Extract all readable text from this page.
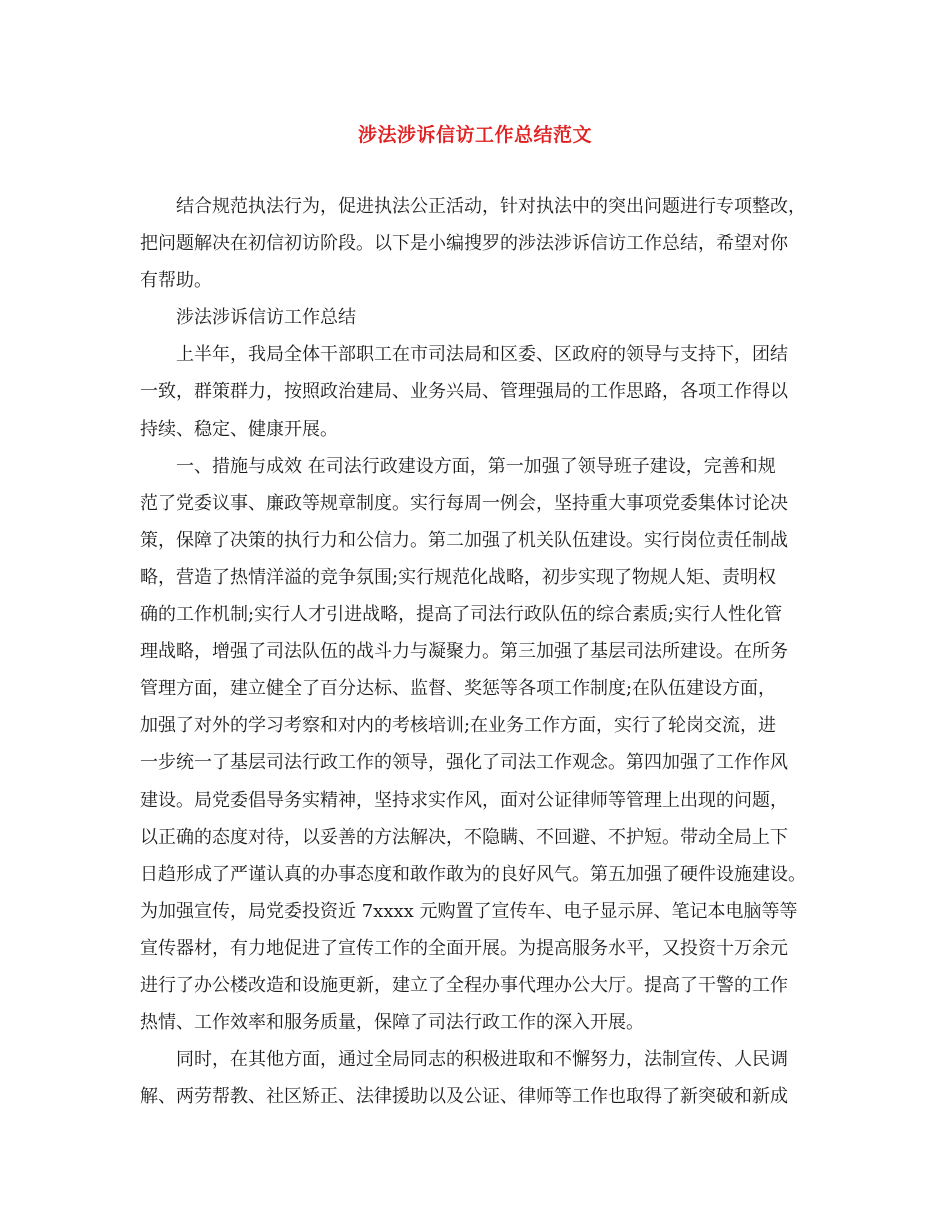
涉法涉诉信访工作总结范文
结合规范执法行为，促进执法公正活动，针对执法中的突出问题进行专项整改，
把问题解决在初信初访阶段。以下是小编搜罗的涉法涉诉信访工作总结，希望对你
有帮助。
涉法涉诉信访工作总结
上半年，我局全体干部职工在市司法局和区委、区政府的领导与支持下，团结
一致，群策群力，按照政治建局、业务兴局、管理强局的工作思路，各项工作得以
持续、稳定、健康开展。
一、措施与成效 在司法行政建设方面，第一加强了领导班子建设，完善和规
范了党委议事、廉政等规章制度。实行每周一例会，坚持重大事项党委集体讨论决
策，保障了决策的执行力和公信力。第二加强了机关队伍建设。实行岗位责任制战
略，营造了热情洋溢的竞争氛围;实行规范化战略，初步实现了物规人矩、责明权
确的工作机制;实行人才引进战略，提高了司法行政队伍的综合素质;实行人性化管
理战略，增强了司法队伍的战斗力与凝聚力。第三加强了基层司法所建设。在所务
管理方面，建立健全了百分达标、监督、奖惩等各项工作制度;在队伍建设方面，
加强了对外的学习考察和对内的考核培训;在业务工作方面，实行了轮岗交流，进
一步统一了基层司法行政工作的领导，强化了司法工作观念。第四加强了工作作风
建设。局党委倡导务实精神，坚持求实作风，面对公证律师等管理上出现的问题，
以正确的态度对待，以妥善的方法解决，不隐瞒、不回避、不护短。带动全局上下
日趋形成了严谨认真的办事态度和敢作敢为的良好风气。第五加强了硬件设施建设。
为加强宣传，局党委投资近 7xxxx 元购置了宣传车、电子显示屏、笔记本电脑等等
宣传器材，有力地促进了宣传工作的全面开展。为提高服务水平，又投资十万余元
进行了办公楼改造和设施更新，建立了全程办事代理办公大厅。提高了干警的工作
热情、工作效率和服务质量，保障了司法行政工作的深入开展。
同时，在其他方面，通过全局同志的积极进取和不懈努力，法制宣传、人民调
解、两劳帮教、社区矫正、法律援助以及公证、律师等工作也取得了新突破和新成
